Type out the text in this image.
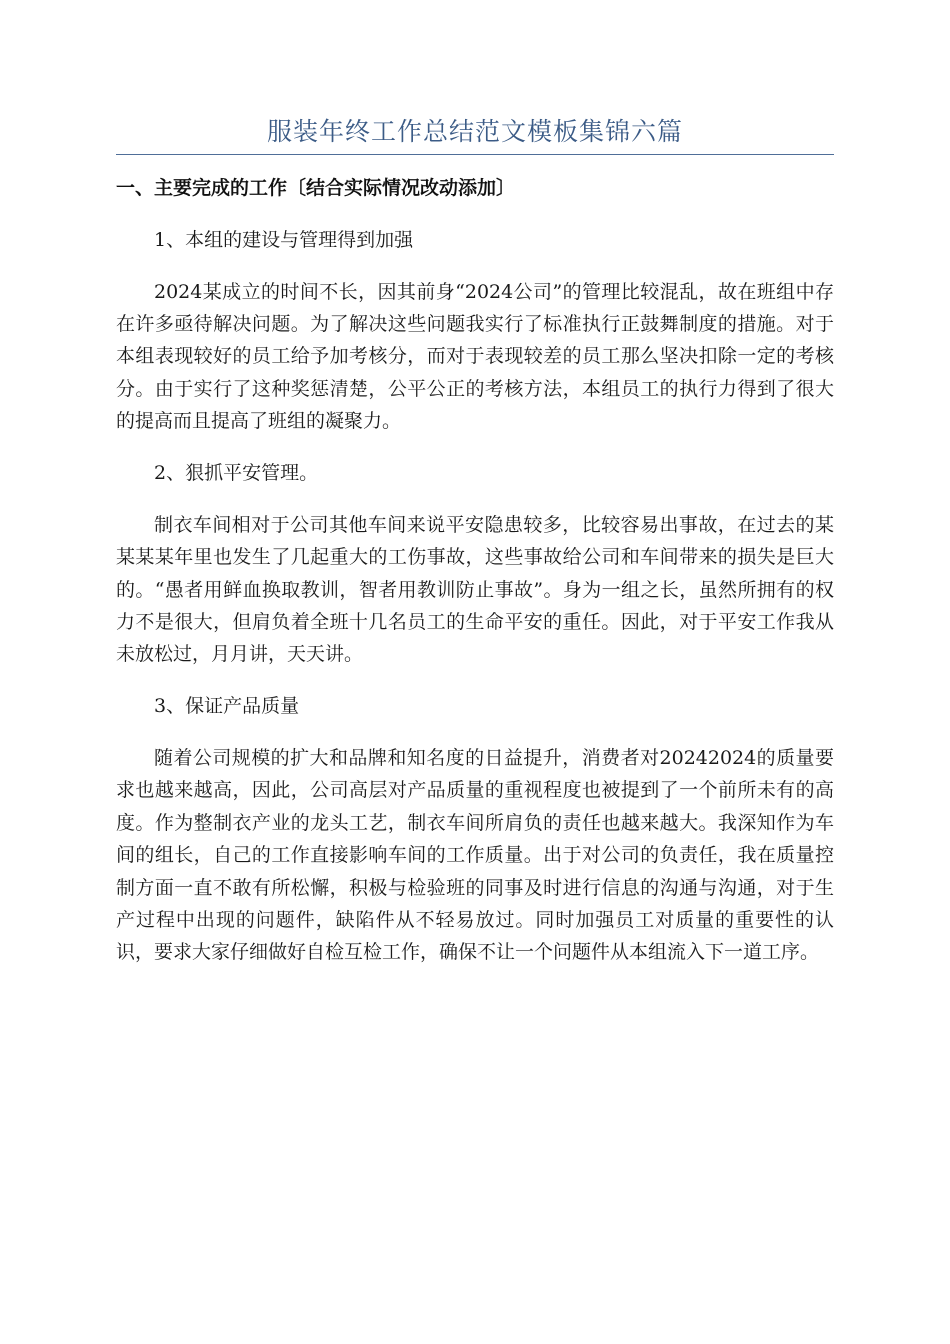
服装年终工作总结范文模板集锦六篇

一、主要完成的工作〔结合实际情况改动添加〕

1、本组的建设与管理得到加强

2024某成立的时间不长，因其前身“2024公司”的管理比较混乱，故在班组中存在许多亟待解决问题。为了解决这些问题我实行了标准执行正鼓舞制度的措施。对于本组表现较好的员工给予加考核分，而对于表现较差的员工那么坚决扣除一定的考核分。由于实行了这种奖惩清楚，公平公正的考核方法，本组员工的执行力得到了很大的提高而且提高了班组的凝聚力。

2、狠抓平安管理。

制衣车间相对于公司其他车间来说平安隐患较多，比较容易出事故，在过去的某某某某年里也发生了几起重大的工伤事故，这些事故给公司和车间带来的损失是巨大的。“愚者用鲜血换取教训，智者用教训防止事故”。身为一组之长，虽然所拥有的权力不是很大，但肩负着全班十几名员工的生命平安的重任。因此，对于平安工作我从未放松过，月月讲，天天讲。

3、保证产品质量

随着公司规模的扩大和品牌和知名度的日益提升，消费者对20242024的质量要求也越来越高，因此，公司高层对产品质量的重视程度也被提到了一个前所未有的高度。作为整制衣产业的龙头工艺，制衣车间所肩负的责任也越来越大。我深知作为车间的组长，自己的工作直接影响车间的工作质量。出于对公司的负责任，我在质量控制方面一直不敢有所松懈，积极与检验班的同事及时进行信息的沟通与沟通，对于生产过程中出现的问题件，缺陷件从不轻易放过。同时加强员工对质量的重要性的认识，要求大家仔细做好自检互检工作，确保不让一个问题件从本组流入下一道工序。
